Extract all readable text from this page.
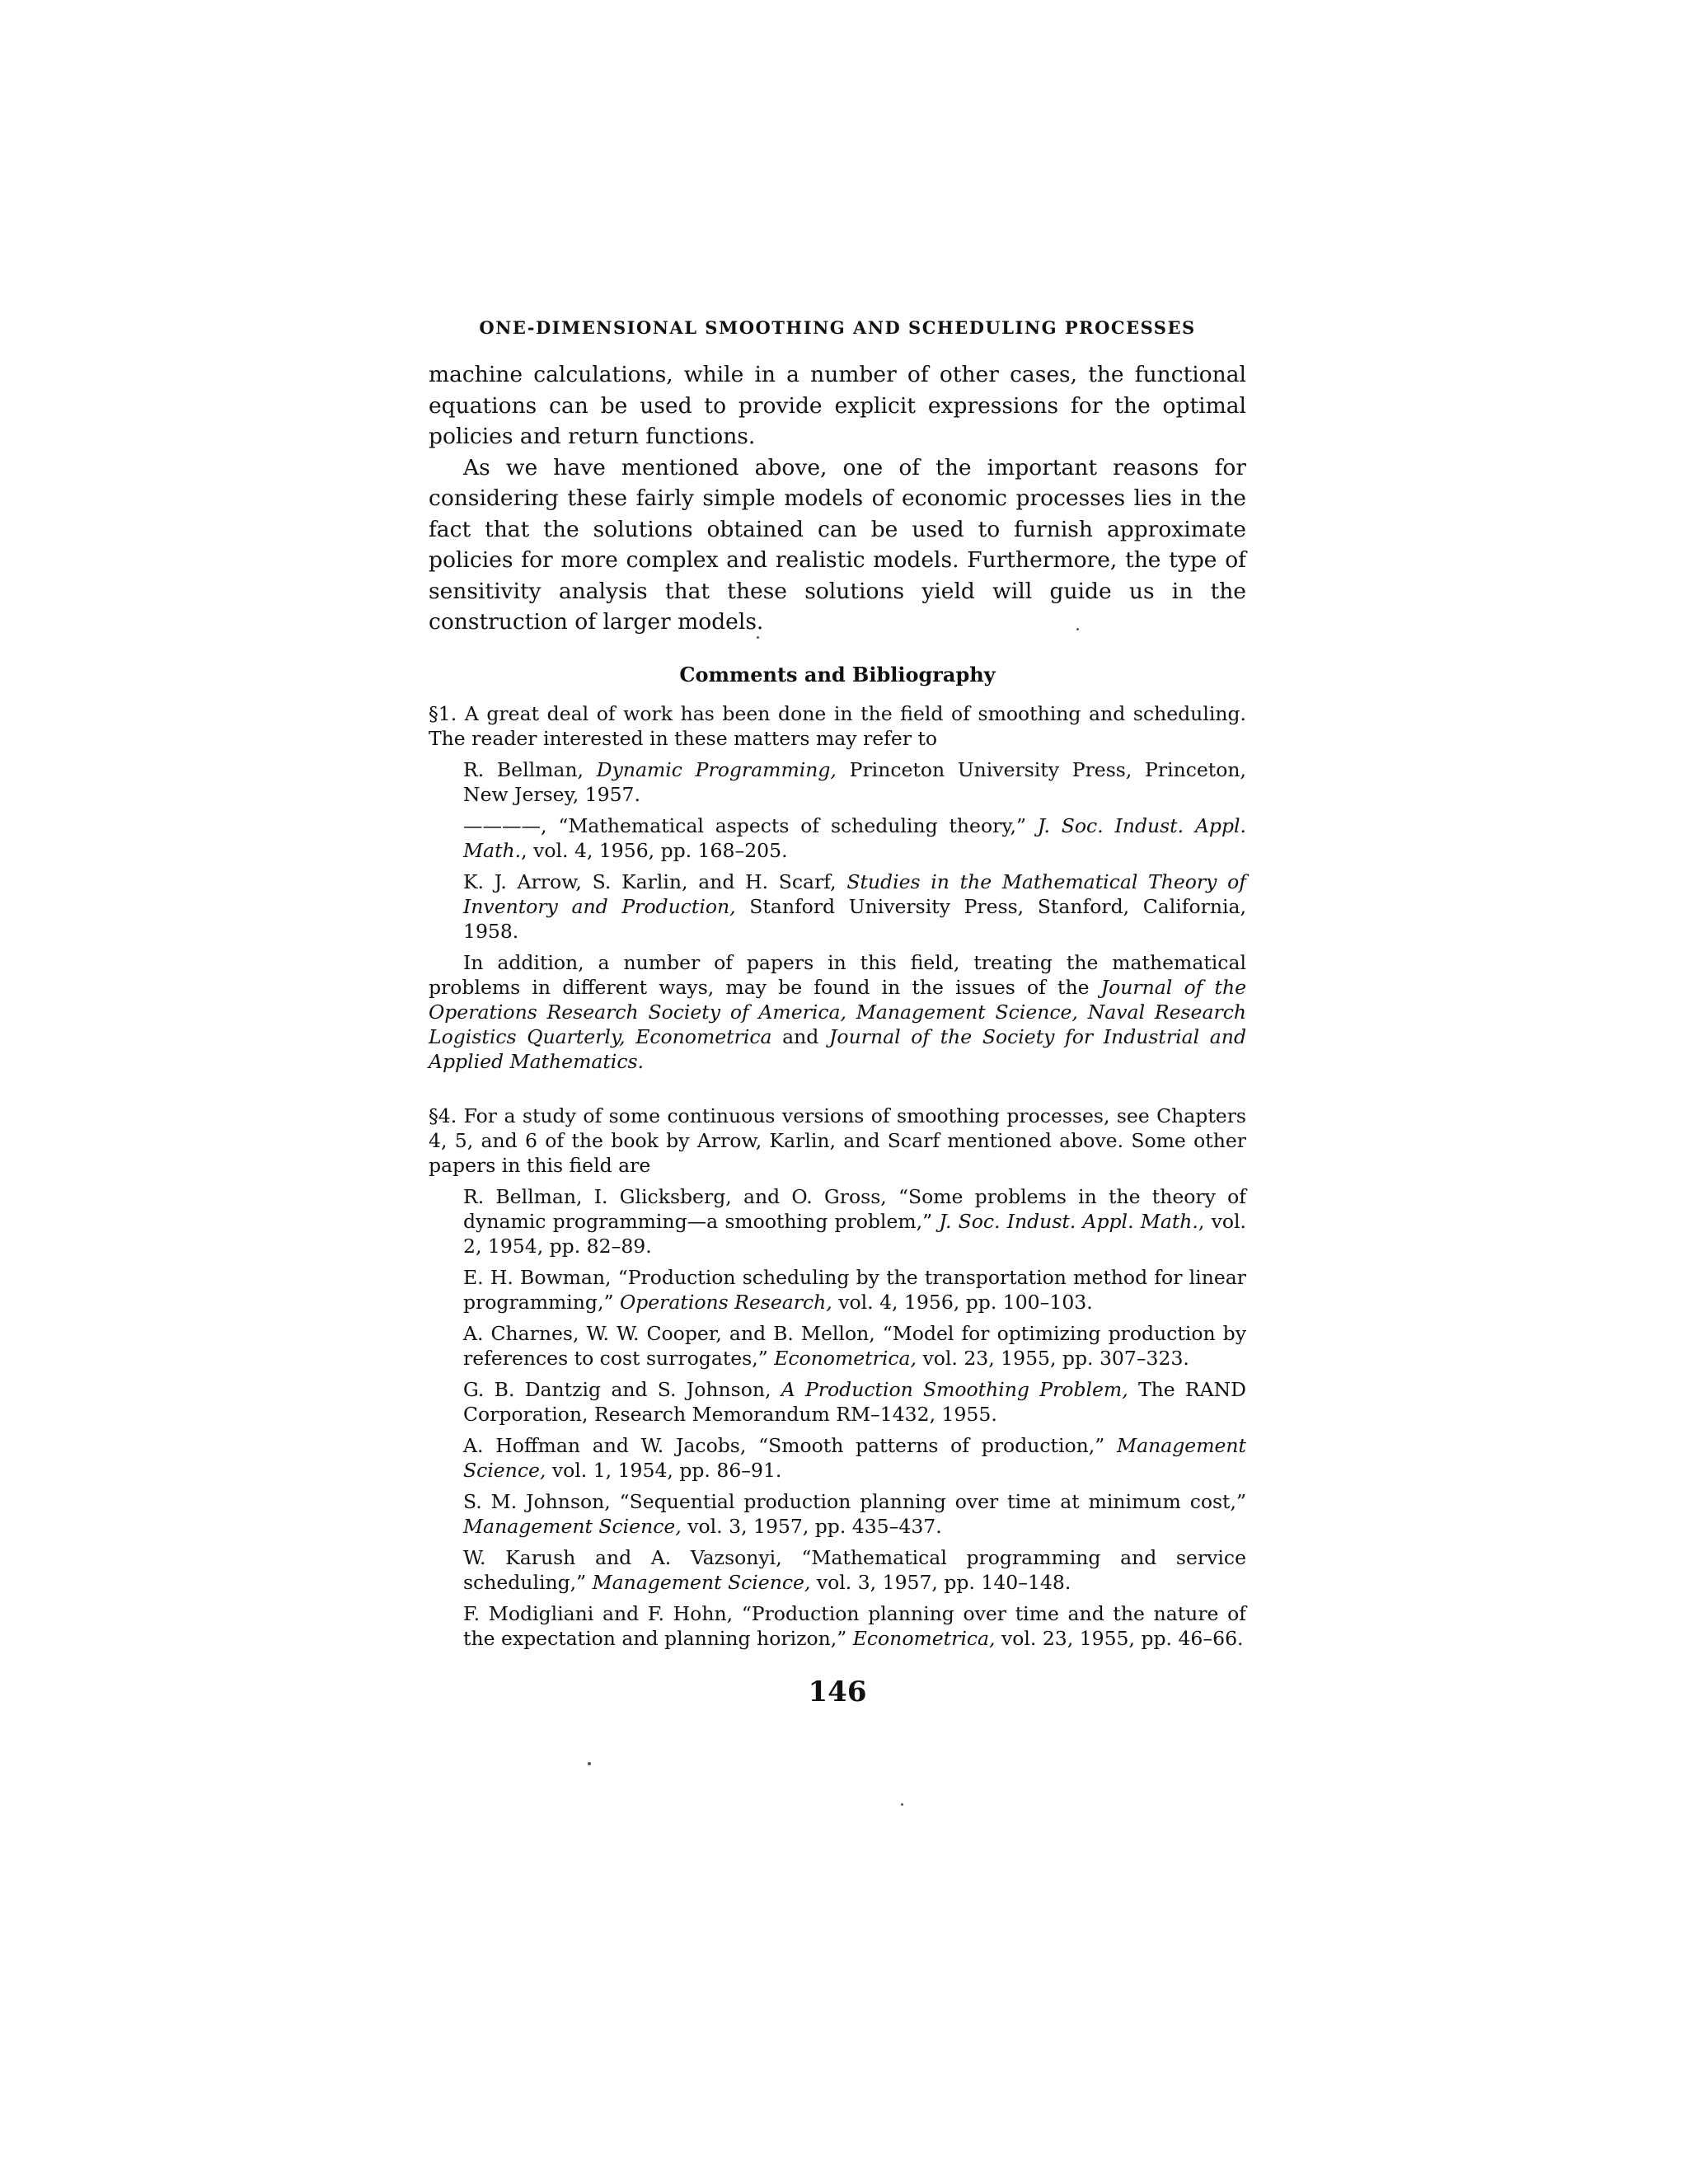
ONE-DIMENSIONAL SMOOTHING AND SCHEDULING PROCESSES

machine calculations, while in a number of other cases, the functional equations can be used to provide explicit expressions for the optimal policies and return functions.

As we have mentioned above, one of the important reasons for considering these fairly simple models of economic processes lies in the fact that the solutions obtained can be used to furnish approximate policies for more complex and realistic models. Furthermore, the type of sensitivity analysis that these solutions yield will guide us in the construction of larger models.

Comments and Bibliography

§1. A great deal of work has been done in the field of smoothing and scheduling. The reader interested in these matters may refer to

R. Bellman, Dynamic Programming, Princeton University Press, Princeton, New Jersey, 1957.

————, “Mathematical aspects of scheduling theory,” J. Soc. Indust. Appl. Math., vol. 4, 1956, pp. 168–205.

K. J. Arrow, S. Karlin, and H. Scarf, Studies in the Mathematical Theory of Inventory and Production, Stanford University Press, Stanford, California, 1958.

In addition, a number of papers in this field, treating the mathematical problems in different ways, may be found in the issues of the Journal of the Operations Research Society of America, Management Science, Naval Research Logistics Quarterly, Econometrica and Journal of the Society for Industrial and Applied Mathematics.

§4. For a study of some continuous versions of smoothing processes, see Chapters 4, 5, and 6 of the book by Arrow, Karlin, and Scarf mentioned above. Some other papers in this field are

R. Bellman, I. Glicksberg, and O. Gross, “Some problems in the theory of dynamic programming—a smoothing problem,” J. Soc. Indust. Appl. Math., vol. 2, 1954, pp. 82–89.

E. H. Bowman, “Production scheduling by the transportation method for linear programming,” Operations Research, vol. 4, 1956, pp. 100–103.

A. Charnes, W. W. Cooper, and B. Mellon, “Model for optimizing production by references to cost surrogates,” Econometrica, vol. 23, 1955, pp. 307–323.

G. B. Dantzig and S. Johnson, A Production Smoothing Problem, The RAND Corporation, Research Memorandum RM–1432, 1955.

A. Hoffman and W. Jacobs, “Smooth patterns of production,” Management Science, vol. 1, 1954, pp. 86–91.

S. M. Johnson, “Sequential production planning over time at minimum cost,” Management Science, vol. 3, 1957, pp. 435–437.

W. Karush and A. Vazsonyi, “Mathematical programming and service scheduling,” Management Science, vol. 3, 1957, pp. 140–148.

F. Modigliani and F. Hohn, “Production planning over time and the nature of the expectation and planning horizon,” Econometrica, vol. 23, 1955, pp. 46–66.

146
